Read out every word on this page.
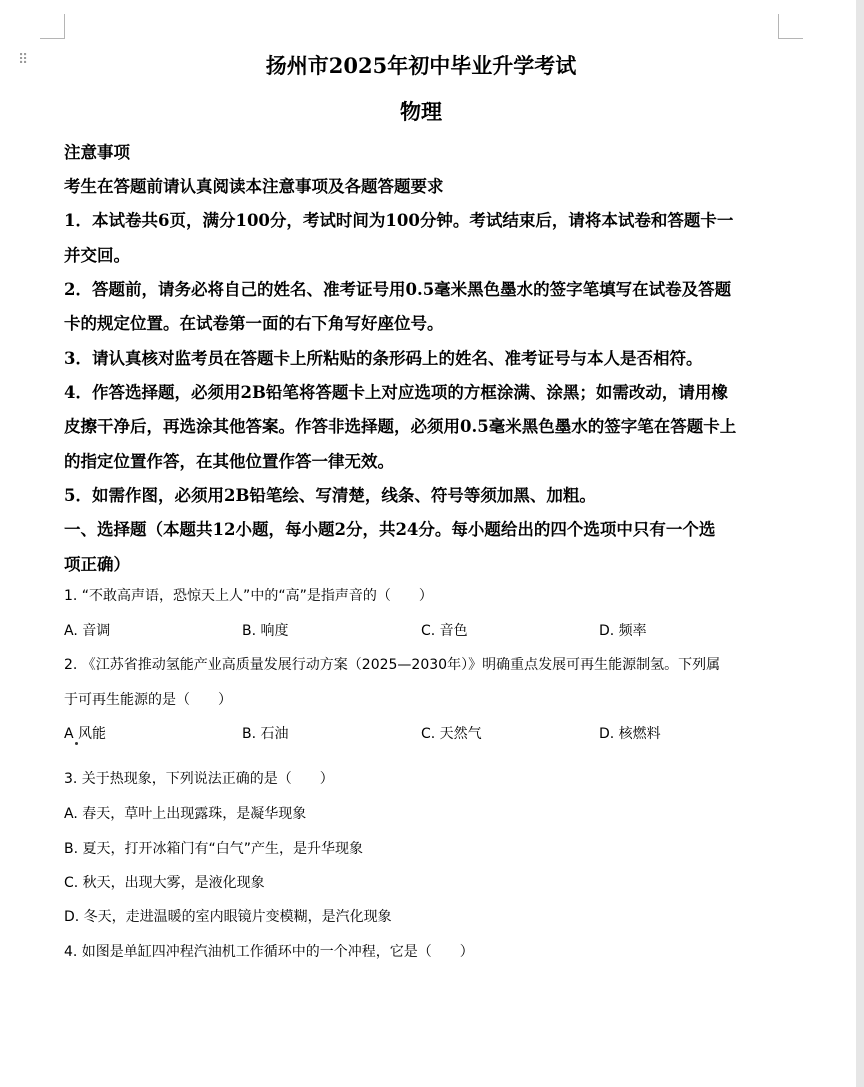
⠿	扬州市2025年初中毕业升学考试
物理

注意事项

考生在答题前请认真阅读本注意事项及各题答题要求

1．本试卷共6页，满分100分，考试时间为100分钟。考试结束后，请将本试卷和答题卡一

并交回。

2．答题前，请务必将自己的姓名、准考证号用0.5毫米黑色墨水的签字笔填写在试卷及答题

卡的规定位置。在试卷第一面的右下角写好座位号。

3．请认真核对监考员在答题卡上所粘贴的条形码上的姓名、准考证号与本人是否相符。

4．作答选择题，必须用2B铅笔将答题卡上对应选项的方框涂满、涂黑；如需改动，请用橡

皮擦干净后，再选涂其他答案。作答非选择题，必须用0.5毫米黑色墨水的签字笔在答题卡上

的指定位置作答，在其他位置作答一律无效。

5．如需作图，必须用2B铅笔绘、写清楚，线条、符号等须加黑、加粗。

一、选择题（本题共12小题，每小题2分，共24分。每小题给出的四个选项中只有一个选

项正确）

1. “不敢高声语，恐惊天上人”中的“高”是指声音的（　　）

A. 音调	B. 响度	C. 音色	D. 频率

2. 《江苏省推动氢能产业高质量发展行动方案（2025—2030年）》明确重点发展可再生能源制氢。下列属

于可再生能源的是（　　）

A 风能	B. 石油	C. 天然气	D. 核燃料

3. 关于热现象，下列说法正确的是（　　）

A. 春天，草叶上出现露珠，是凝华现象

B. 夏天，打开冰箱门有“白气”产生，是升华现象

C. 秋天，出现大雾，是液化现象

D. 冬天，走进温暖的室内眼镜片变模糊，是汽化现象

4. 如图是单缸四冲程汽油机工作循环中的一个冲程，它是（　　）
